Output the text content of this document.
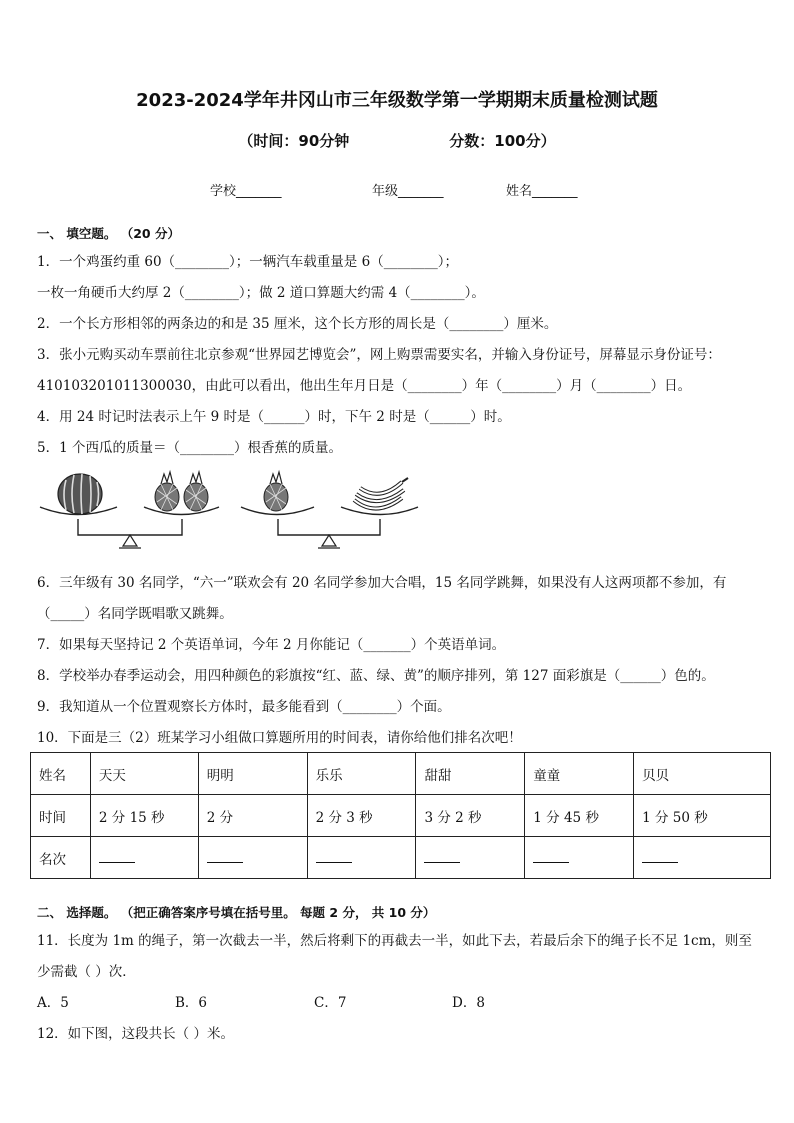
2023-2024学年井冈山市三年级数学第一学期期末质量检测试题
（时间：90分钟	分数：100分）
学校_______	年级_______	姓名_______
一、 填空题。 （20 分）
1．一个鸡蛋约重 60（________）；一辆汽车载重量是 6（________）；
一枚一角硬币大约厚 2（________）；做 2 道口算题大约需 4（________）。
2．一个长方形相邻的两条边的和是 35 厘米，这个长方形的周长是（________）厘米。
3．张小元购买动车票前往北京参观“世界园艺博览会”，网上购票需要实名，并输入身份证号，屏幕显示身份证号：
410103201011300030，由此可以看出，他出生年月日是（________）年（________）月（________）日。
4．用 24 时记时法表示上午 9 时是（______）时，下午 2 时是（______）时。
5．1 个西瓜的质量＝（________）根香蕉的质量。
6．三年级有 30 名同学，“六一”联欢会有 20 名同学参加大合唱，15 名同学跳舞，如果没有人这两项都不参加，有
（_____）名同学既唱歌又跳舞。
7．如果每天坚持记 2 个英语单词，今年 2 月你能记（_______）个英语单词。
8．学校举办春季运动会，用四种颜色的彩旗按“红、蓝、绿、黄”的顺序排列，第 127 面彩旗是（______）色的。
9．我知道从一个位置观察长方体时，最多能看到（________）个面。
10．下面是三（2）班某学习小组做口算题所用的时间表，请你给他们排名次吧！
姓名	天天	明明	乐乐	甜甜	童童	贝贝
时间	2 分 15 秒	2 分	2 分 3 秒	3 分 2 秒	1 分 45 秒	1 分 50 秒
名次						
二、 选择题。 （把正确答案序号填在括号里。 每题 2 分， 共 10 分）
11．长度为 1m 的绳子，第一次截去一半，然后将剩下的再截去一半，如此下去，若最后余下的绳子长不足 1cm，则至
少需截（ ）次．
A．5	B．6	C．7	D．8
12．如下图，这段共长（ ）米。
